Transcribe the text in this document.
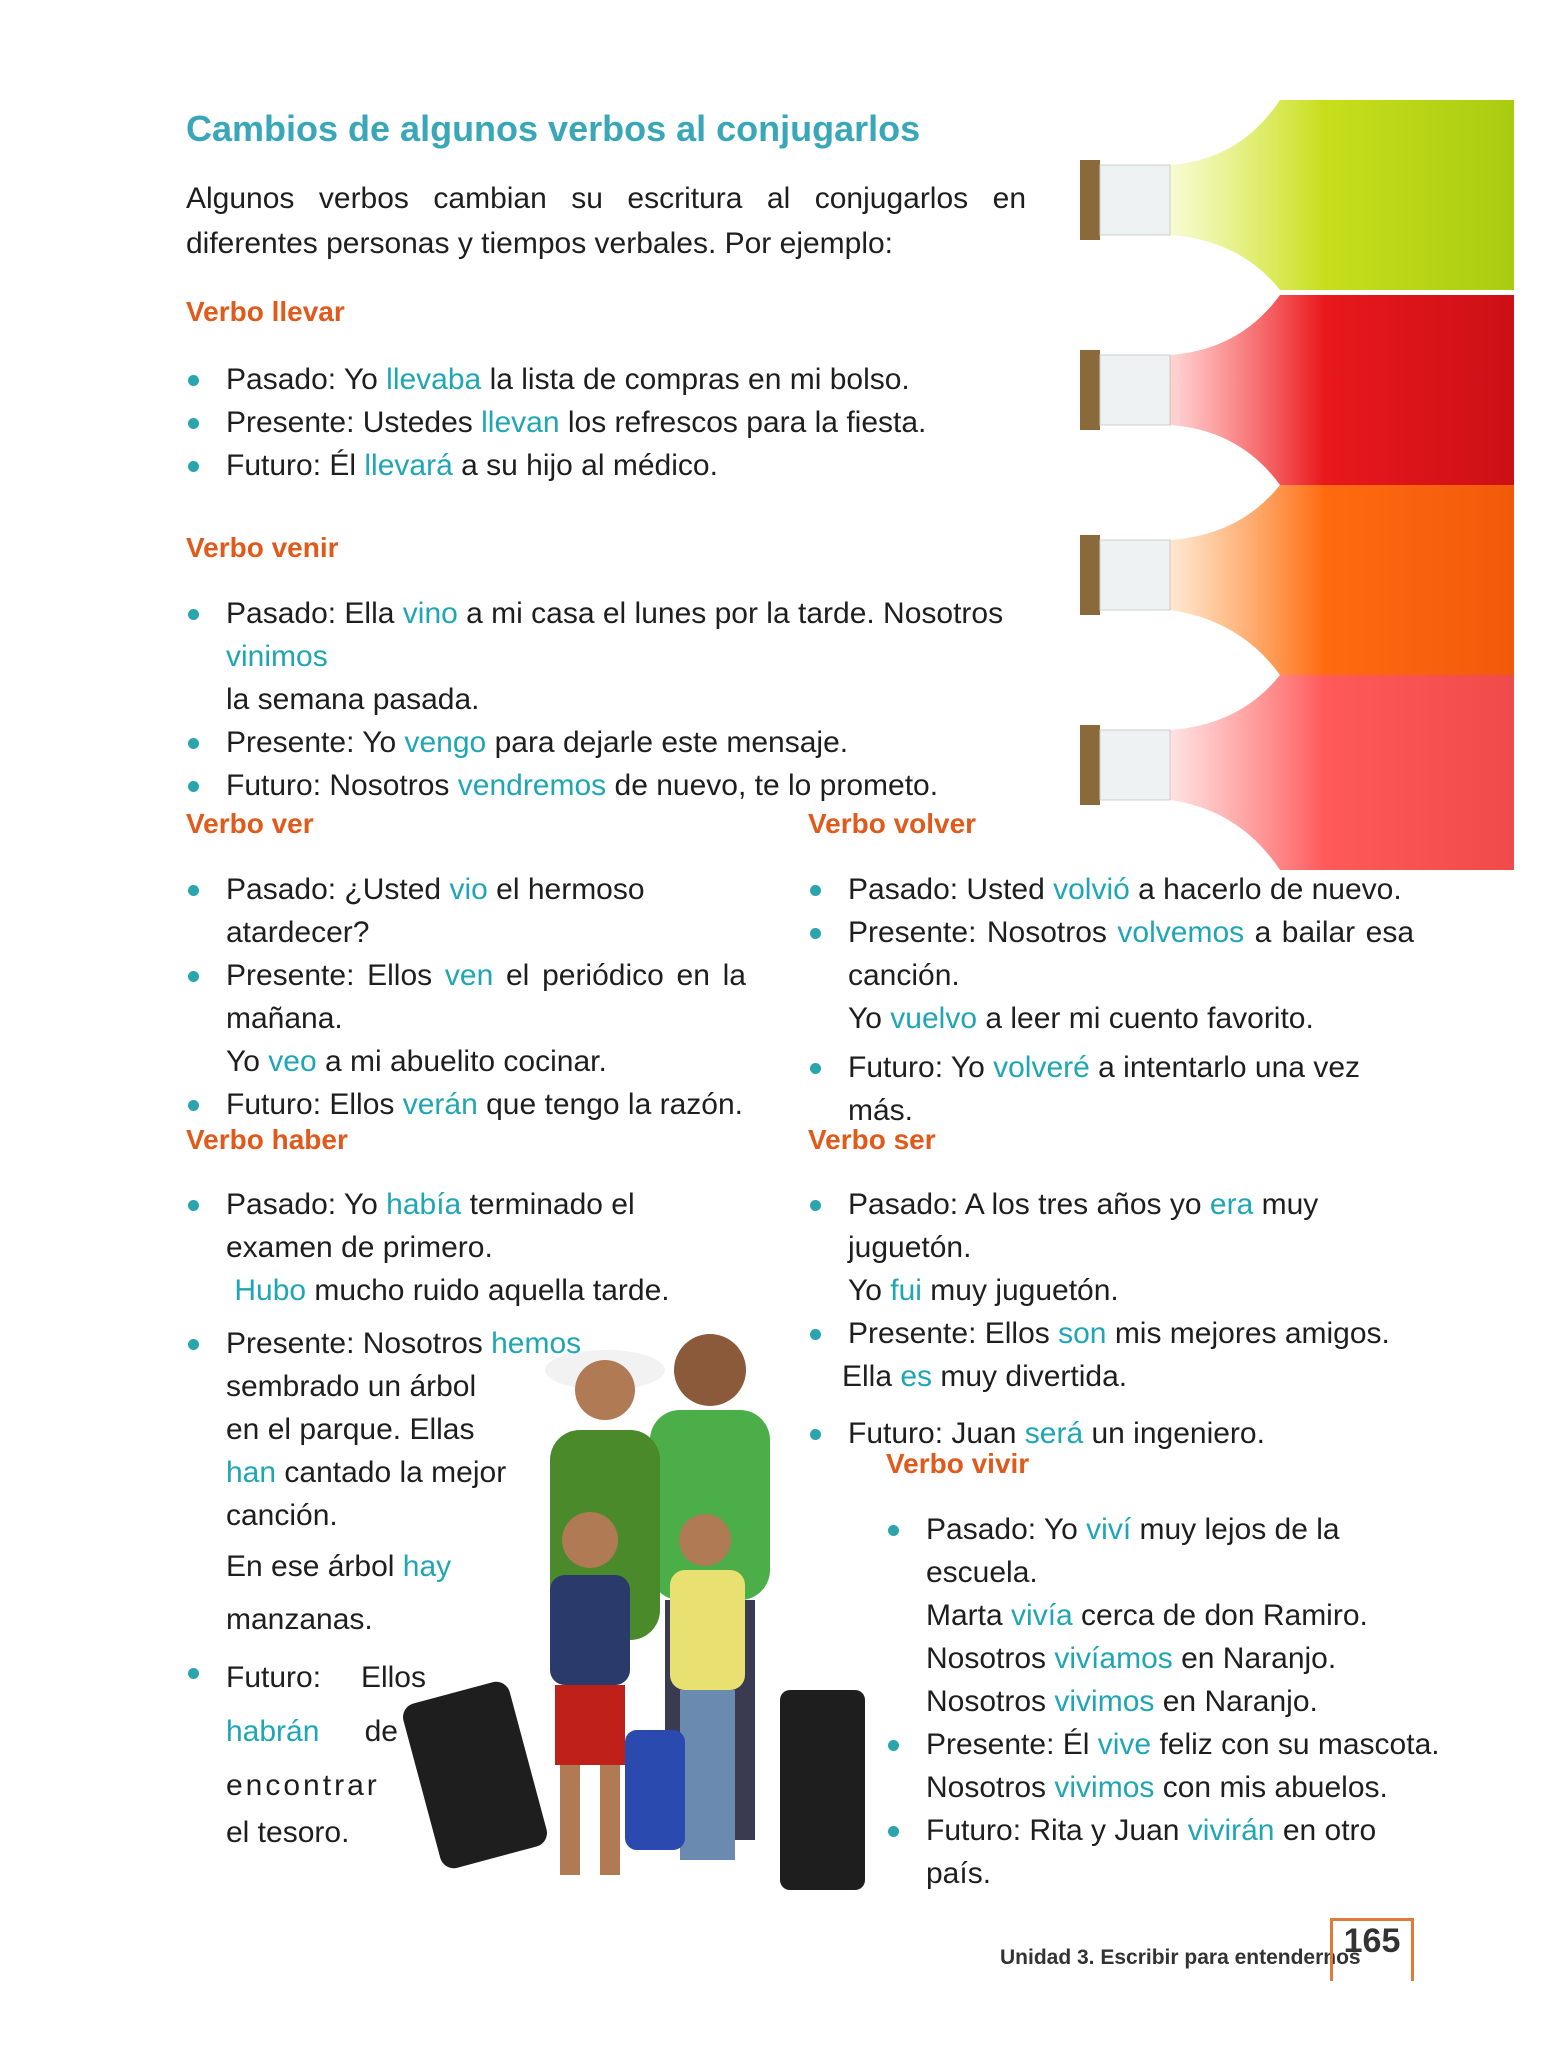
Cambios de algunos verbos al conjugarlos
Algunos verbos cambian su escritura al conjugarlos en diferentes personas y tiempos verbales. Por ejemplo:
Verbo llevar
Pasado: Yo llevaba la lista de compras en mi bolso.
Presente: Ustedes llevan los refrescos para la fiesta.
Futuro: Él llevará a su hijo al médico.
Verbo venir
Pasado: Ella vino a mi casa el lunes por la tarde. Nosotros vinimos
la semana pasada.
Presente: Yo vengo para dejarle este mensaje.
Futuro: Nosotros vendremos de nuevo, te lo prometo.
Verbo ver
Pasado: ¿Usted vio el hermoso atardecer?
Presente: Ellos ven el periódico en la mañana.
Yo veo a mi abuelito cocinar.
Futuro: Ellos verán que tengo la razón.
Verbo volver
Pasado: Usted volvió a hacerlo de nuevo.
Presente: Nosotros volvemos a bailar esa canción.
Yo vuelvo a leer mi cuento favorito.
Futuro: Yo volveré a intentarlo una vez más.
Verbo haber
Pasado: Yo había terminado el examen de primero.
Hubo mucho ruido aquella tarde.
Presente: Nosotros hemos
sembrado un árbol
en el parque. Ellas
han cantado la mejor
canción.
En ese árbol hay
manzanas.
Futuro: Ellos
habrán de
encontrar
el tesoro.
Verbo ser
Pasado: A los tres años yo era muy juguetón.
Yo fui muy juguetón.
Presente: Ellos son mis mejores amigos.
Ella es muy divertida.
Futuro: Juan será un ingeniero.
Verbo vivir
Pasado: Yo viví muy lejos de la escuela.
Marta vivía cerca de don Ramiro.
Nosotros vivíamos en Naranjo.
Nosotros vivimos en Naranjo.
Presente: Él vive feliz con su mascota.
Nosotros vivimos con mis abuelos.
Futuro: Rita y Juan vivirán en otro país.
Unidad 3. Escribir para entendernos
165
